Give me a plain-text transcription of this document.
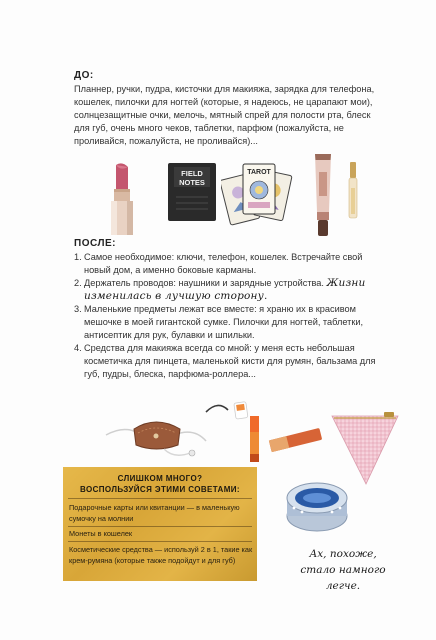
ДО:

Планнер, ручки, пудра, кисточки для макияжа, зарядка для телефона, кошелек, пилочки для ногтей (которые, я надеюсь, не царапают мои), солнцезащитные очки, мелочь, мятный спрей для полости рта, блеск для губ, очень много чеков, таблетки, парфюм (пожалуйста, не проливайся, пожалуйста, не проливайся)...

FIELD
NOTES
TAROT
ПОСЛЕ:
1. Самое необходимое: ключи, телефон, кошелек. Встречайте свой новый дом, а именно боковые карманы.
2. Держатель проводов: наушники и зарядные устройства. Жизни изменилась в лучшую сторону.
3. Маленькие предметы лежат все вместе: я храню их в красивом мешочке в моей гигантской сумке. Пилочки для ногтей, таблетки, антисептик для рук, булавки и шпильки.
4. Средства для макияжа всегда со мной: у меня есть небольшая косметичка для пинцета, маленькой кисти для румян, бальзама для губ, пудры, блеска, парфюма-роллера...
СЛИШКОМ МНОГО?
ВОСПОЛЬЗУЙСЯ ЭТИМИ СОВЕТАМИ:
Подарочные карты или квитанции — в маленькую сумочку на молнии
Монеты в кошелек
Косметические средства — используй 2 в 1, такие как крем-румяна (которые также подойдут и для губ)	Ах, похоже,
стало намного
легче.
